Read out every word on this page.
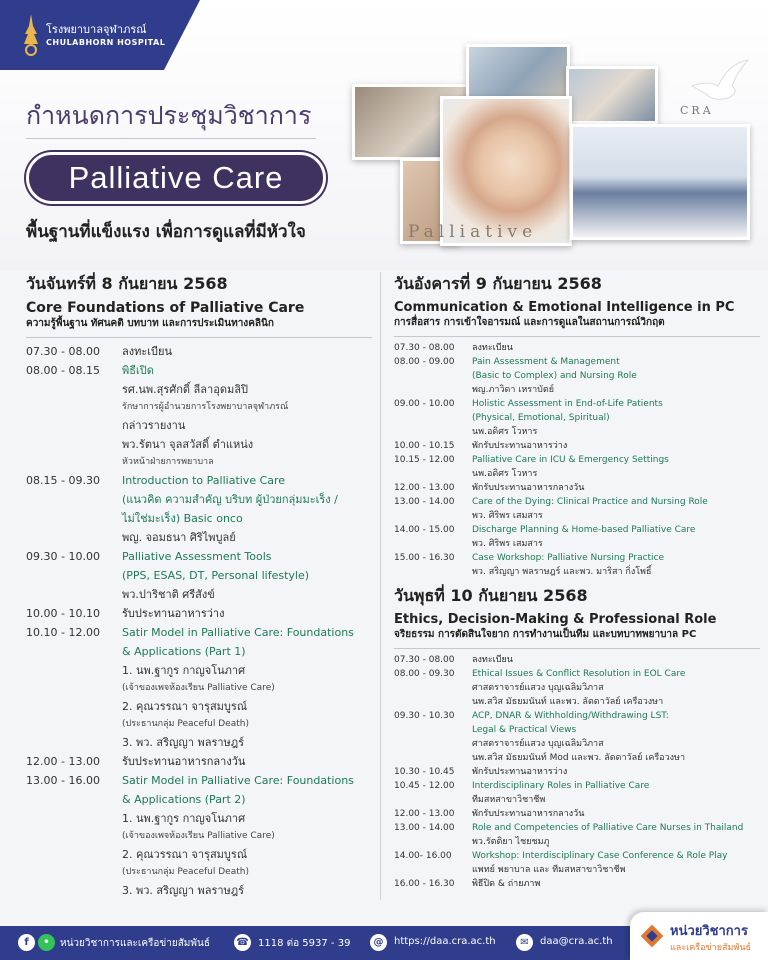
โรงพยาบาลจุฬาภรณ์
CHULABHORN HOSPITAL
กำหนดการประชุมวิชาการ
Palliative Care
พื้นฐานที่แข็งแรง เพื่อการดูแลที่มีหัวใจ	Palliative
CRA
วันจันทร์ที่ 8 กันยายน 2568
Core Foundations of Palliative Care
ความรู้พื้นฐาน ทัศนคติ บทบาท และการประเมินทางคลินิก
07.30 - 08.00	ลงทะเบียน
08.00 - 08.15	พิธีเปิด
รศ.นพ.สุรศักดิ์ ลีลาอุดมลิปิ
รักษาการผู้อำนวยการโรงพยาบาลจุฬาภรณ์
กล่าวรายงาน
พว.รัตนา จุลสวัสดิ์ ตำแหน่ง
หัวหน้าฝ่ายการพยาบาล
08.15 - 09.30	Introduction to Palliative Care
(แนวคิด ความสำคัญ บริบท ผู้ป่วยกลุ่มมะเร็ง /
ไม่ใช่มะเร็ง) Basic onco
พญ. จอมธนา ศิริไพบูลย์
09.30 - 10.00	Palliative Assessment Tools
(PPS, ESAS, DT, Personal lifestyle)
พว.ปาริชาติ ศรีสังข์
10.00 - 10.10	รับประทานอาหารว่าง
10.10 - 12.00	Satir Model in Palliative Care: Foundations
& Applications (Part 1)
1. นพ.ฐากูร กาญจโนภาศ
(เจ้าของเพจห้องเรียน Palliative Care)
2. คุณวรรณา จารุสมบูรณ์
(ประธานกลุ่ม Peaceful Death)
3. พว. สริญญา พลราษฎร์
12.00 - 13.00	รับประทานอาหารกลางวัน
13.00 - 16.00	Satir Model in Palliative Care: Foundations
& Applications (Part 2)
1. นพ.ฐากูร กาญจโนภาศ
(เจ้าของเพจห้องเรียน Palliative Care)
2. คุณวรรณา จารุสมบูรณ์
(ประธานกลุ่ม Peaceful Death)
3. พว. สริญญา พลราษฎร์
วันอังคารที่ 9 กันยายน 2568
Communication & Emotional Intelligence in PC
การสื่อสาร การเข้าใจอารมณ์ และการดูแลในสถานการณ์วิกฤต
07.30 - 08.00	ลงทะเบียน
08.00 - 09.00	Pain Assessment & Management
(Basic to Complex) and Nursing Role
พญ.ภาวิดา เหราบัตย์
09.00 - 10.00	Holistic Assessment in End-of-Life Patients
(Physical, Emotional, Spiritual)
นพ.อดิศร โวหาร
10.00 - 10.15	พักรับประทานอาหารว่าง
10.15 - 12.00	Palliative Care in ICU & Emergency Settings
นพ.อดิศร โวหาร
12.00 - 13.00	พักรับประทานอาหารกลางวัน
13.00 - 14.00	Care of the Dying: Clinical Practice and Nursing Role
พว. ศิริพร เสมสาร
14.00 - 15.00	Discharge Planning & Home-based Palliative Care
พว. ศิริพร เสมสาร
15.00 - 16.30	Case Workshop: Palliative Nursing Practice
พว. สริญญา พลราษฎร์ และพว. มาริสา กิ่งโพธิ์
วันพุธที่ 10 กันยายน 2568
Ethics, Decision-Making & Professional Role
จริยธรรม การตัดสินใจยาก การทำงานเป็นทีม และบทบาทพยาบาล PC
07.30 - 08.00	ลงทะเบียน
08.00 - 09.30	Ethical Issues & Conflict Resolution in EOL Care
ศาสตราจารย์แสวง บุญเฉลิมวิภาส
นพ.สวิส มัธยมนันท์ และพว. ลัดดาวัลย์ เครือวงษา
09.30 - 10.30	ACP, DNAR & Withholding/Withdrawing LST:
Legal & Practical Views
ศาสตราจารย์แสวง บุญเฉลิมวิภาส
นพ.สวิส มัธยมนันท์ Mod และพว. ลัดดาวัลย์ เครือวงษา
10.30 - 10.45	พักรับประทานอาหารว่าง
10.45 - 12.00	Interdisciplinary Roles in Palliative Care
ทีมสหสาขาวิชาชีพ
12.00 - 13.00	พักรับประทานอาหารกลางวัน
13.00 - 14.00	Role and Competencies of Palliative Care Nurses in Thailand
พว.รัตติยา ไชยชมภู
14.00- 16.00	Workshop: Interdisciplinary Case Conference & Role Play
แพทย์ พยาบาล และ ทีมสหสาขาวิชาชีพ
16.00 - 16.30	พิธีปิด & ถ่ายภาพ
f	•	หน่วยวิชาการและเครือข่ายสัมพันธ์	☎ 1118 ต่อ 5937 - 39	@	https://daa.cra.ac.th	✉	daa@cra.ac.th
หน่วยวิชาการ
และเครือข่ายสัมพันธ์
